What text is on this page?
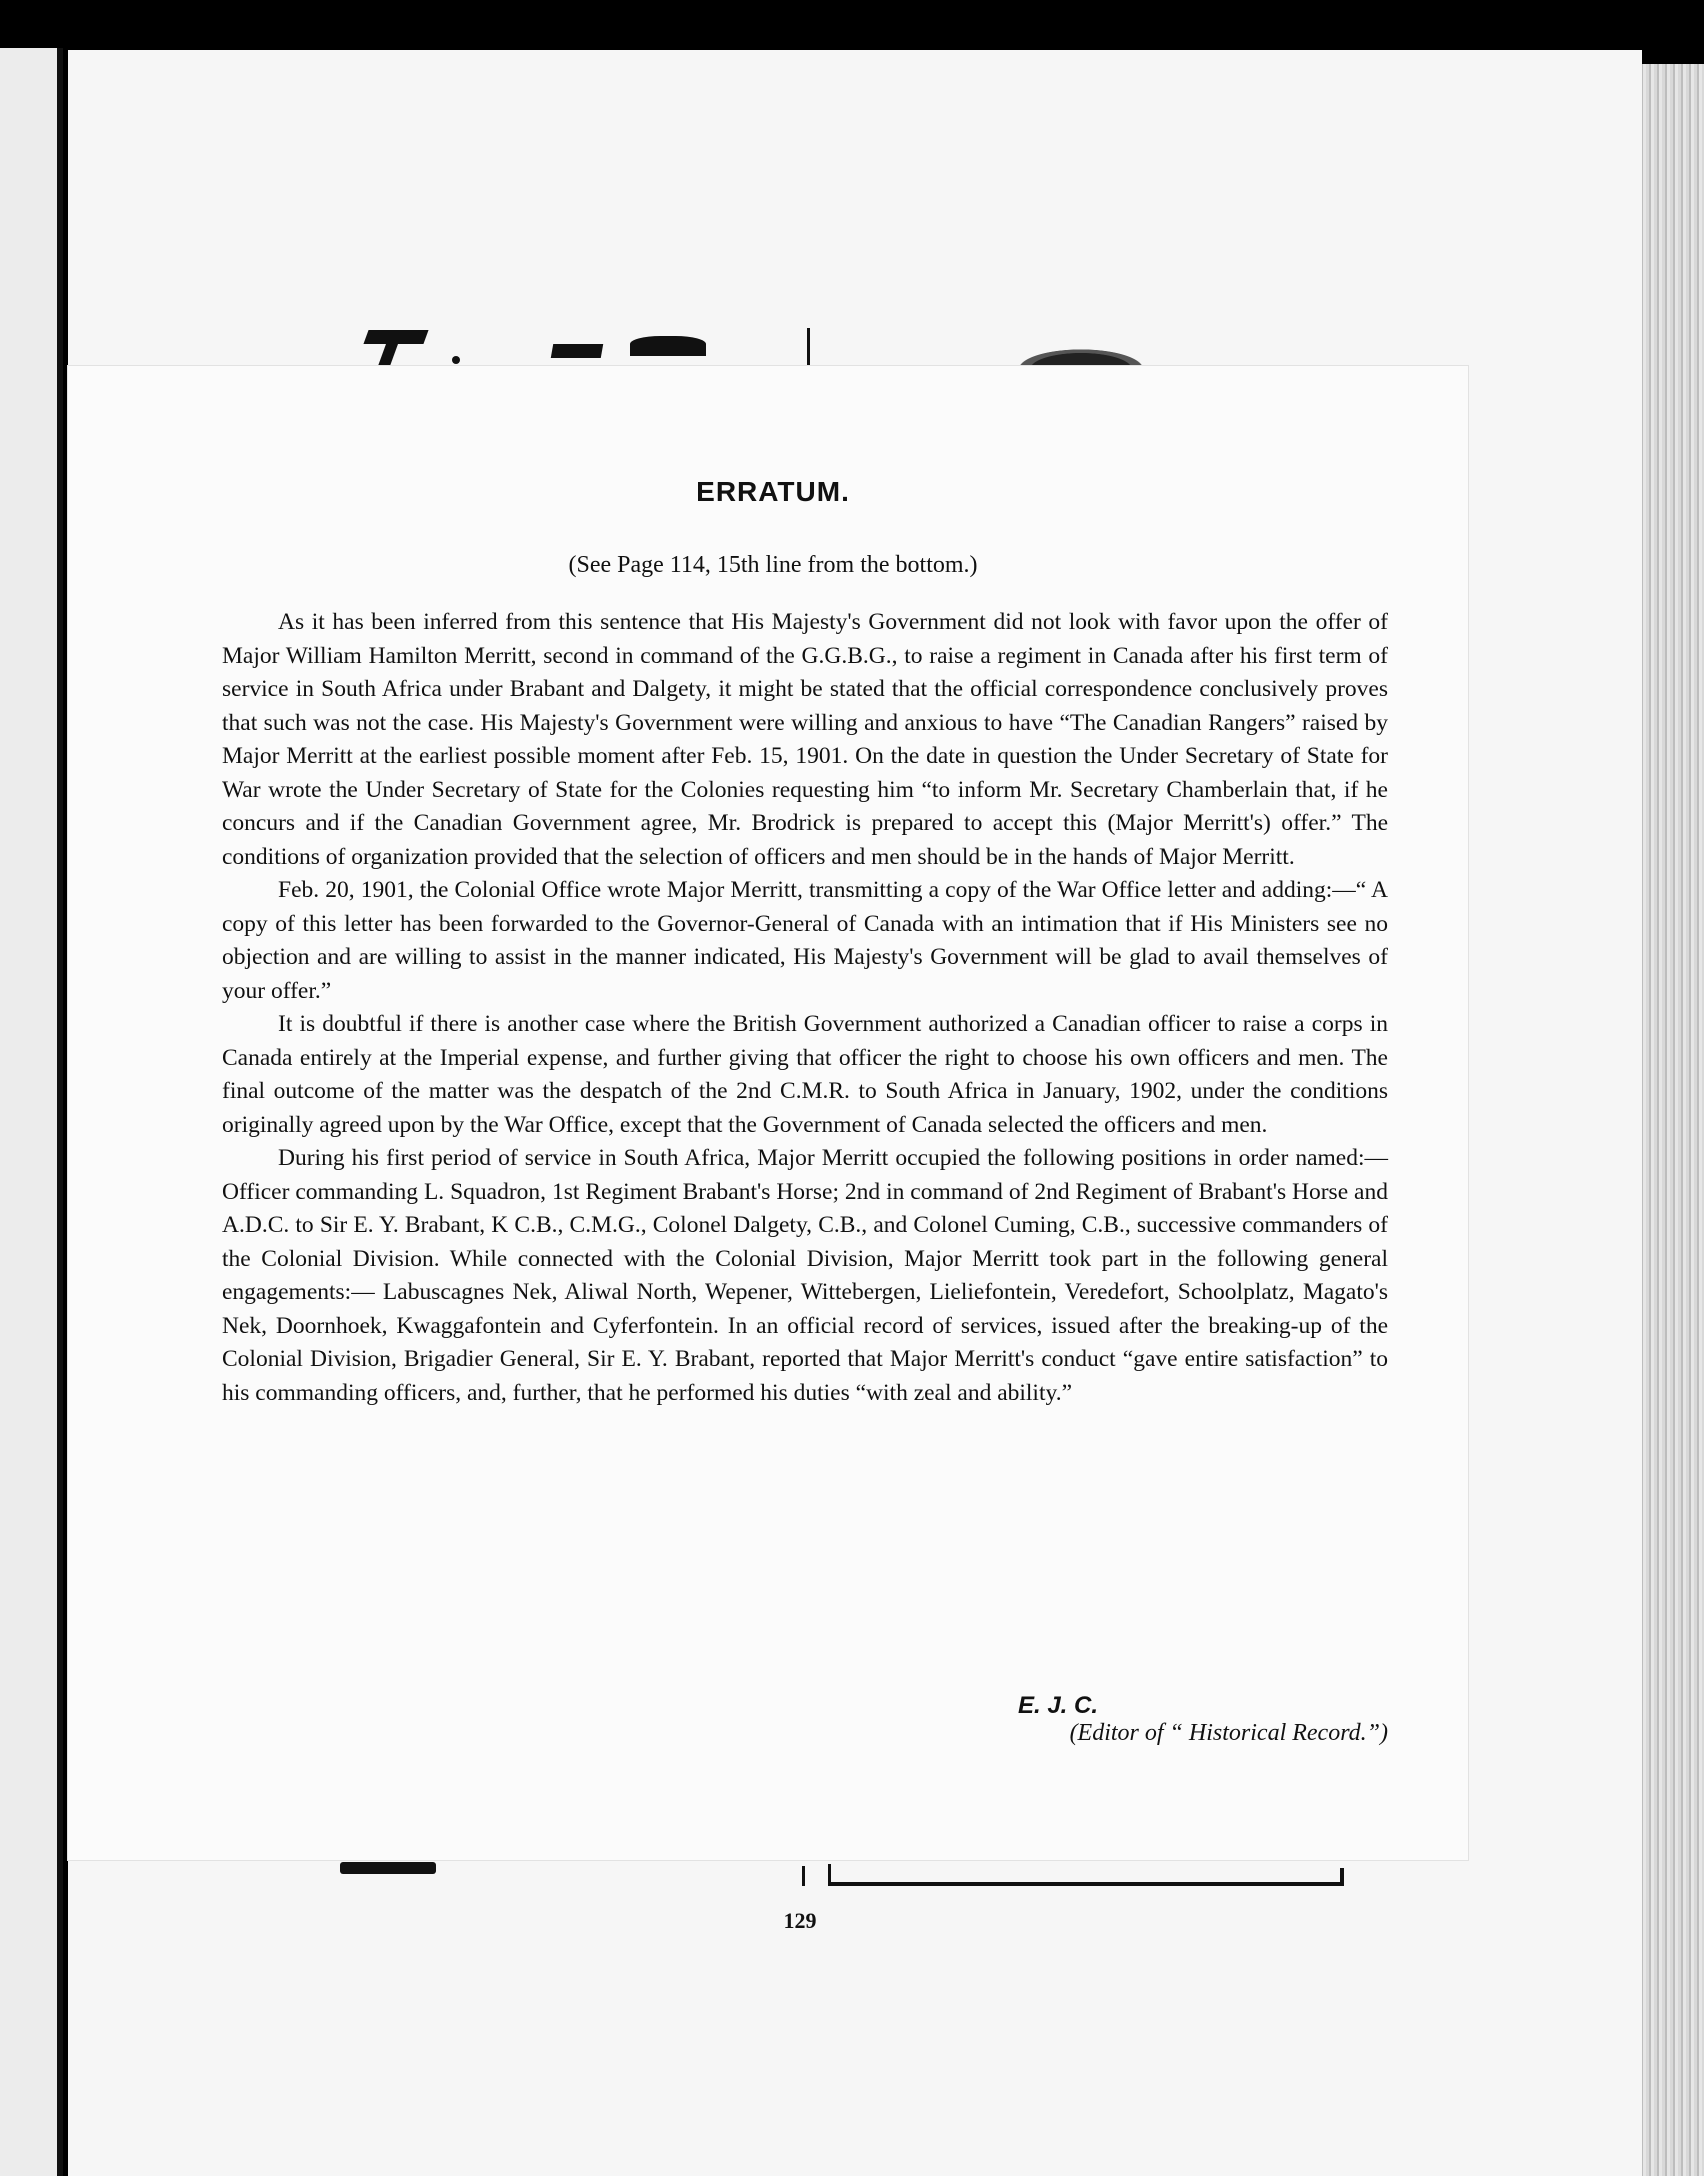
ERRATUM.
(See Page 114, 15th line from the bottom.)

As it has been inferred from this sentence that His Majesty's Government did not look with favor upon the offer of Major William Hamilton Merritt, second in command of the G.G.B.G., to raise a regiment in Canada after his first term of service in South Africa under Brabant and Dalgety, it might be stated that the official correspondence conclusively proves that such was not the case. His Majesty's Government were willing and anxious to have “The Canadian Rangers” raised by Major Merritt at the earliest possible moment after Feb. 15, 1901. On the date in question the Under Secretary of State for War wrote the Under Secretary of State for the Colonies requesting him “to inform Mr. Secretary Chamberlain that, if he concurs and if the Canadian Government agree, Mr. Brodrick is prepared to accept this (Major Merritt's) offer.” The conditions of organization provided that the selection of officers and men should be in the hands of Major Merritt.

Feb. 20, 1901, the Colonial Office wrote Major Merritt, transmitting a copy of the War Office letter and adding:—“ A copy of this letter has been forwarded to the Governor-General of Canada with an intimation that if His Ministers see no objection and are willing to assist in the manner indicated, His Majesty's Government will be glad to avail themselves of your offer.”

It is doubtful if there is another case where the British Government authorized a Canadian officer to raise a corps in Canada entirely at the Imperial expense, and further giving that officer the right to choose his own officers and men. The final outcome of the matter was the despatch of the 2nd C.M.R. to South Africa in January, 1902, under the conditions originally agreed upon by the War Office, except that the Government of Canada selected the officers and men.

During his first period of service in South Africa, Major Merritt occupied the following positions in order named:—Officer commanding L. Squadron, 1st Regiment Brabant's Horse; 2nd in command of 2nd Regiment of Brabant's Horse and A.D.C. to Sir E. Y. Brabant, K C.B., C.M.G., Colonel Dalgety, C.B., and Colonel Cuming, C.B., successive commanders of the Colonial Division. While connected with the Colonial Division, Major Merritt took part in the following general engagements:— Labuscagnes Nek, Aliwal North, Wepener, Wittebergen, Lieliefontein, Veredefort, Schoolplatz, Magato's Nek, Doornhoek, Kwaggafontein and Cyferfontein. In an official record of services, issued after the breaking-up of the Colonial Division, Brigadier General, Sir E. Y. Brabant, reported that Major Merritt's conduct “gave entire satisfaction” to his commanding officers, and, further, that he performed his duties “with zeal and ability.”

E. J. C.
(Editor of “ Historical Record.”)
129
